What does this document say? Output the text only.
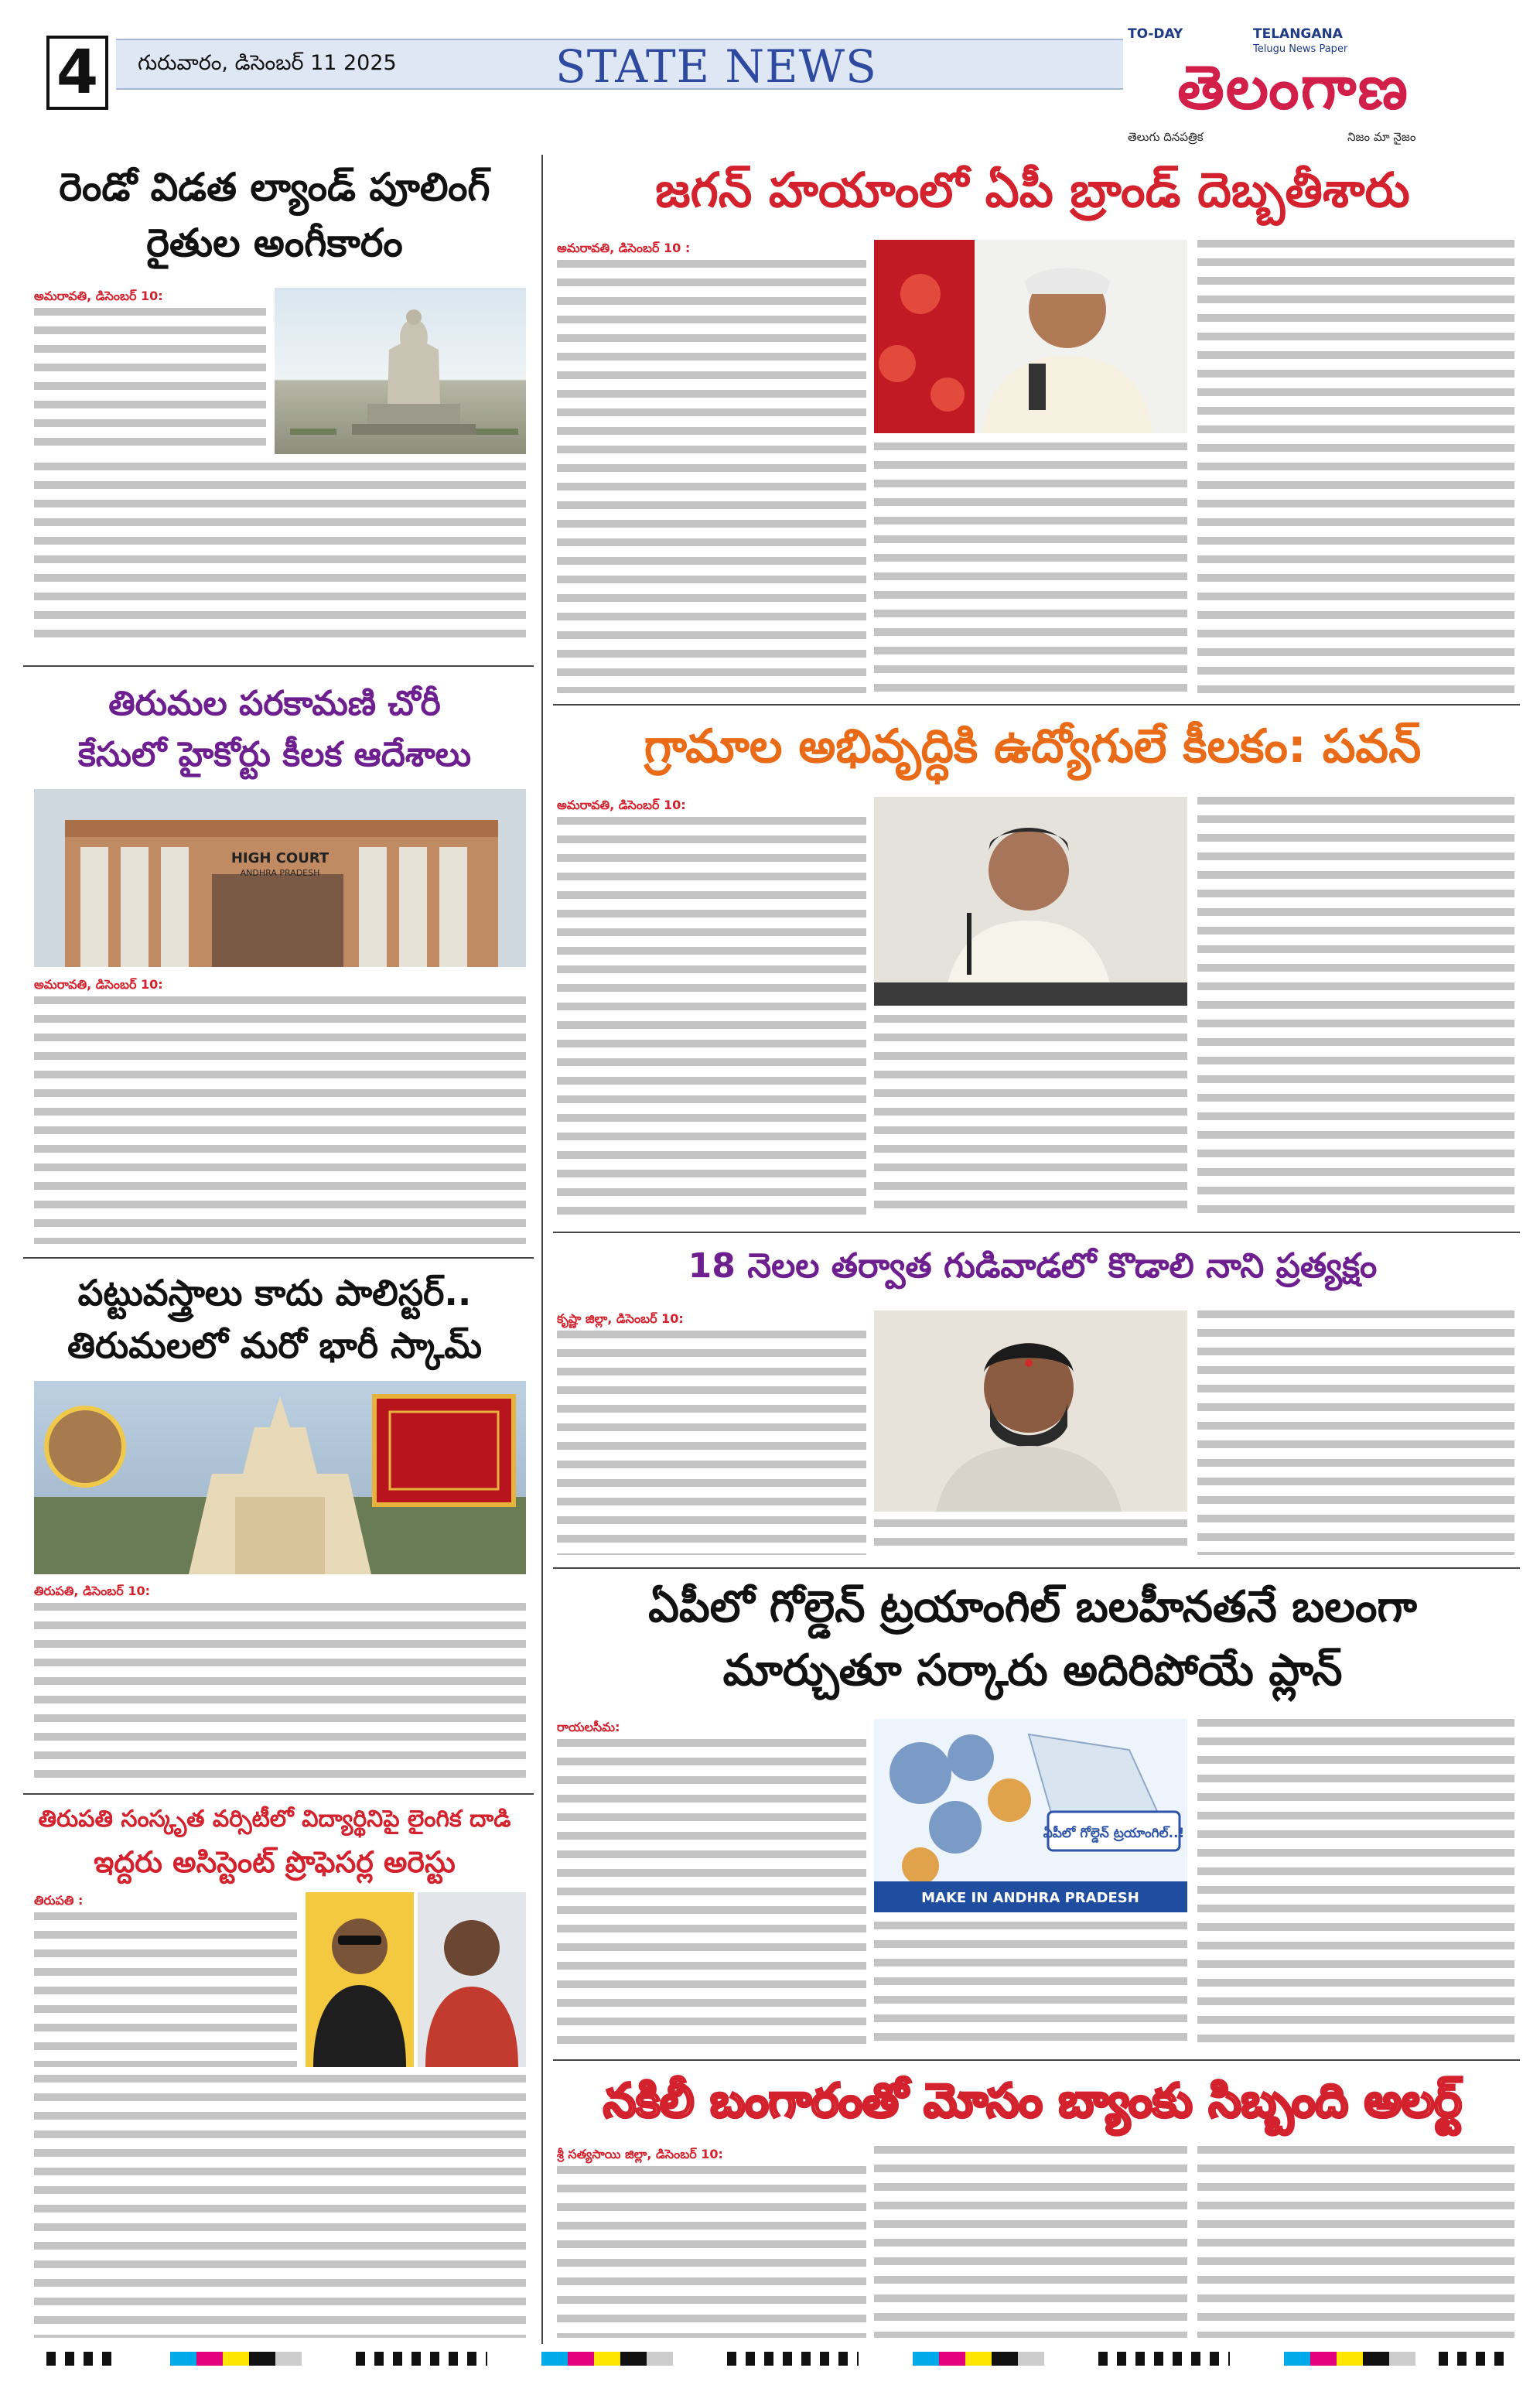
4	గురువారం, డిసెంబర్ 11 2025	STATE NEWS
TO-DAY	TELANGANA
Telugu News Paper
తెలంగాణ
తెలుగు దినపత్రిక	నిజం మా నైజం
రెండో విడత ల్యాండ్ పూలింగ్
రైతుల అంగీకారం
అమరావతి, డిసెంబర్ 10:
తిరుమల పరకామణి చోరీ
కేసులో హైకోర్టు కీలక ఆదేశాలు
HIGH COURT
ANDHRA PRADESH
అమరావతి, డిసెంబర్ 10:
పట్టువస్త్రాలు కాదు పాలిస్టర్..
తిరుమలలో మరో భారీ స్కామ్
తిరుపతి, డిసెంబర్ 10:
తిరుపతి సంస్కృత వర్సిటీలో విద్యార్థినిపై లైంగిక దాడి
ఇద్దరు అసిస్టెంట్ ప్రొఫెసర్ల అరెస్టు
తిరుపతి :
జగన్ హయాంలో ఏపీ బ్రాండ్ దెబ్బతీశారు
అమరావతి, డిసెంబర్ 10 :
గ్రామాల అభివృద్ధికి ఉద్యోగులే కీలకం: పవన్
అమరావతి, డిసెంబర్ 10:
18 నెలల తర్వాత గుడివాడలో కొడాలి నాని ప్రత్యక్షం
కృష్ణా జిల్లా, డిసెంబర్ 10:
ఏపీలో గోల్డెన్ ట్రయాంగిల్ బలహీనతనే బలంగా
మార్చుతూ సర్కారు అదిరిపోయే ప్లాన్
రాయలసీమ:
ఏపీలో గోల్డెన్ ట్రయాంగిల్..!
MAKE IN ANDHRA PRADESH
నకిలీ బంగారంతో మోసం బ్యాంకు సిబ్బంది అలర్ట్
శ్రీ సత్యసాయి జిల్లా, డిసెంబర్ 10:
